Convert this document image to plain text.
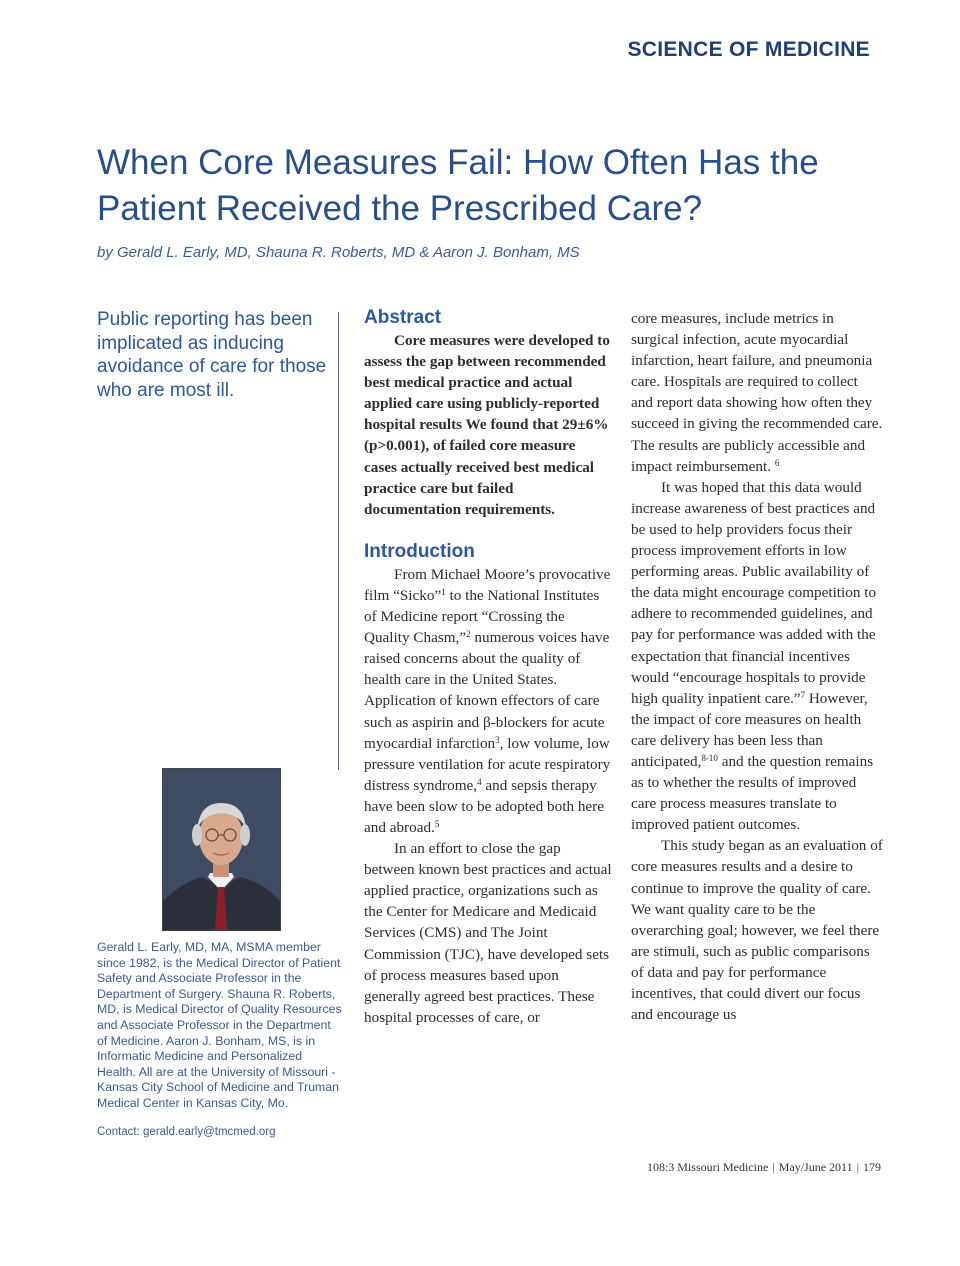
SCIENCE OF MEDICINE
When Core Measures Fail: How Often Has the Patient Received the Prescribed Care?
by Gerald L. Early, MD, Shauna R. Roberts, MD & Aaron J. Bonham, MS
Public reporting has been implicated as inducing avoidance of care for those who are most ill.
Gerald L. Early, MD, MA, MSMA member since 1982, is the Medical Director of Patient Safety and Associate Professor in the Department of Surgery. Shauna R. Roberts, MD, is Medical Director of Quality Resources and Associate Professor in the Department of Medicine. Aaron J. Bonham, MS, is in Informatic Medicine and Personalized Health. All are at the University of Missouri - Kansas City School of Medicine and Truman Medical Center in Kansas City, Mo.
Contact: gerald.early@tmcmed.org
Abstract

Core measures were developed to assess the gap between recommended best medical practice and actual applied care using publicly-reported hospital results We found that 29±6% (p>0.001), of failed core measure cases actually received best medical practice care but failed documentation requirements.

Introduction

From Michael Moore’s provocative film “Sicko”$^1$ to the National Institutes of Medicine report “Crossing the Quality Chasm,”$^2$ numerous voices have raised concerns about the quality of health care in the United States. Application of known effectors of care such as aspirin and β-blockers for acute myocardial infarction$^3$, low volume, low pressure ventilation for acute respiratory distress syndrome,$^4$ and sepsis therapy have been slow to be adopted both here and abroad.$^5$

In an effort to close the gap between known best practices and actual applied practice, organizations such as the Center for Medicare and Medicaid Services (CMS) and The Joint Commission (TJC), have developed sets of process measures based upon generally agreed best practices. These hospital processes of care, or

core measures, include metrics in surgical infection, acute myocardial infarction, heart failure, and pneumonia care. Hospitals are required to collect and report data showing how often they succeed in giving the recommended care. The results are publicly accessible and impact reimbursement. $^6$

It was hoped that this data would increase awareness of best practices and be used to help providers focus their process improvement efforts in low performing areas. Public availability of the data might encourage competition to adhere to recommended guidelines, and pay for performance was added with the expectation that financial incentives would “encourage hospitals to provide high quality inpatient care.”$^7$ However, the impact of core measures on health care delivery has been less than anticipated,$^{8-10}$ and the question remains as to whether the results of improved care process measures translate to improved patient outcomes.

This study began as an evaluation of core measures results and a desire to continue to improve the quality of care. We want quality care to be the overarching goal; however, we feel there are stimuli, such as public comparisons of data and pay for performance incentives, that could divert our focus and encourage us

108:3 Missouri Medicine | May/June 2011 | 179
